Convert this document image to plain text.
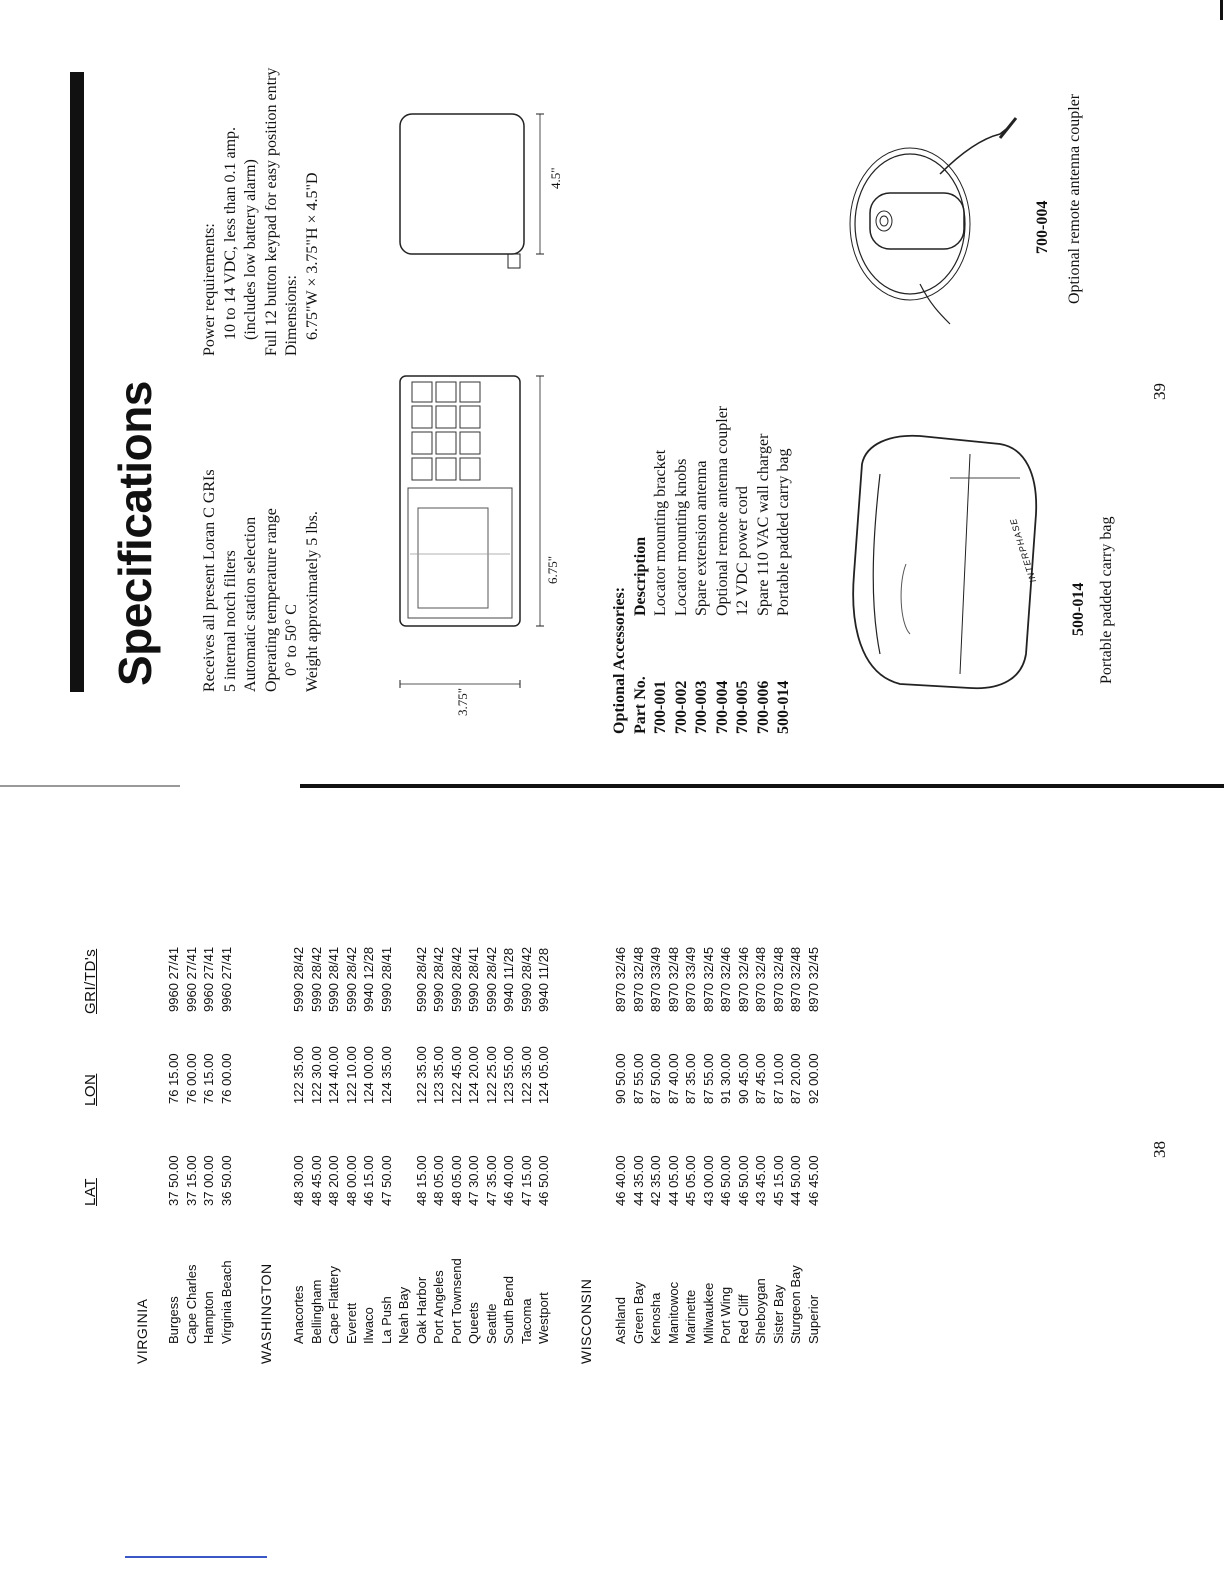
LAT
LON
GRI/TD's
VIRGINIA Burgess
37 50.00
76 15.00
9960 27/41
Cape Charles
37 15.00
76 00.00
9960 27/41
Hampton
37 00.00
76 15.00
9960 27/41
Virginia Beach
36 50.00
76 00.00
9960 27/41
WASHINGTON Anacortes
48 30.00
122 35.00
5990 28/42
Bellingham
48 45.00
122 30.00
5990 28/42
Cape Flattery
48 20.00
124 40.00
5990 28/41
Everett
48 00.00
122 10.00
5990 28/42
Ilwaco
46 15.00
124 00.00
9940 12/28
La Push
47 50.00
124 35.00
5990 28/41
Neah Bay Oak Harbor
48 15.00
122 35.00
5990 28/42
Port Angeles
48 05.00
123 35.00
5990 28/42
Port Townsend
48 05.00
122 45.00
5990 28/42
Queets
47 30.00
124 20.00
5990 28/41
Seattle
47 35.00
122 25.00
5990 28/42
South Bend
46 40.00
123 55.00
9940 11/28
Tacoma
47 15.00
122 35.00
5990 28/42
Westport
46 50.00
124 05.00
9940 11/28
WISCONSIN Ashland
46 40.00
90 50.00
8970 32/46
Green Bay
44 35.00
87 55.00
8970 32/48
Kenosha
42 35.00
87 50.00
8970 33/49
Manitowoc
44 05.00
87 40.00
8970 32/48
Marinette
45 05.00
87 35.00
8970 33/49
Milwaukee
43 00.00
87 55.00
8970 32/45
Port Wing
46 50.00
91 30.00
8970 32/46
Red Cliff
46 50.00
90 45.00
8970 32/46
Sheboygan
43 45.00
87 45.00
8970 32/48
Sister Bay
45 15.00
87 10.00
8970 32/48
Sturgeon Bay
44 50.00
87 20.00
8970 32/48
Superior
46 45.00
92 00.00
8970 32/45
38
Specifications	Receives all present Loran C GRIs 5 internal notch filters Automatic station selection Operating temperature range 0° to 50° C Weight approximately 5 lbs.
Power requirements: 10 to 14 VDC, less than 0.1 amp. (includes low battery alarm) Full 12 button keypad for easy position entry Dimensions: 6.75"W × 3.75"H × 4.5"D
6.75"
3.75"
4.5"
Optional Accessories: Part No.
Description
700-001
Locator mounting bracket
700-002
Locator mounting knobs
700-003
Spare extension antenna
700-004
Optional remote antenna coupler
700-005
12 VDC power cord
700-006
Spare 110 VAC wall charger
500-014
Portable padded carry bag
700-004 Optional remote antenna coupler
INTERPHASE
500-014 Portable padded carry bag
39
